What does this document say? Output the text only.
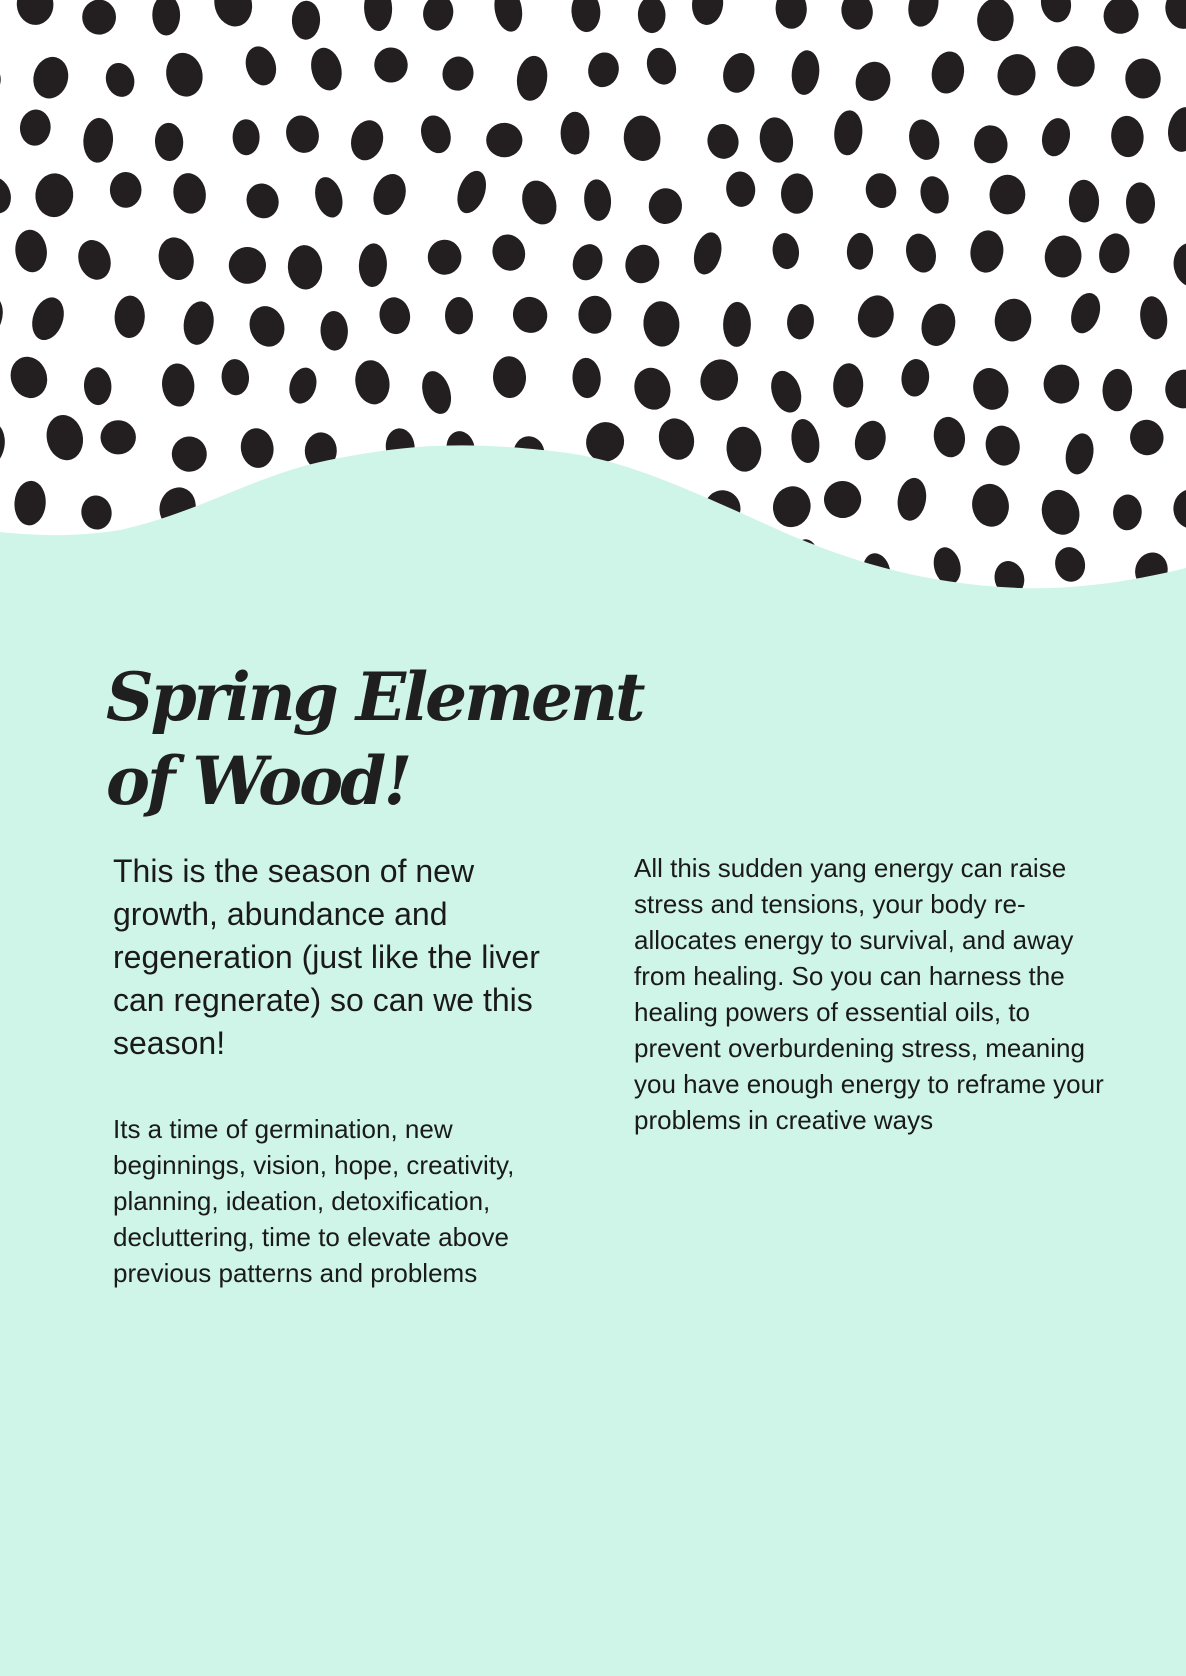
Spring Element
of Wood!

This is the season of new growth, abundance and regeneration (just like the liver can regnerate) so can we this season!

Its a time of germination, new beginnings, vision, hope, creativity, planning, ideation, detoxification, decluttering, time to elevate above previous patterns and problems

All this sudden yang energy can raise stress and tensions, your body re-allocates energy to survival, and away from healing. So you can harness the healing powers of essential oils, to prevent overburdening stress, meaning you have enough energy to reframe your problems in creative ways
